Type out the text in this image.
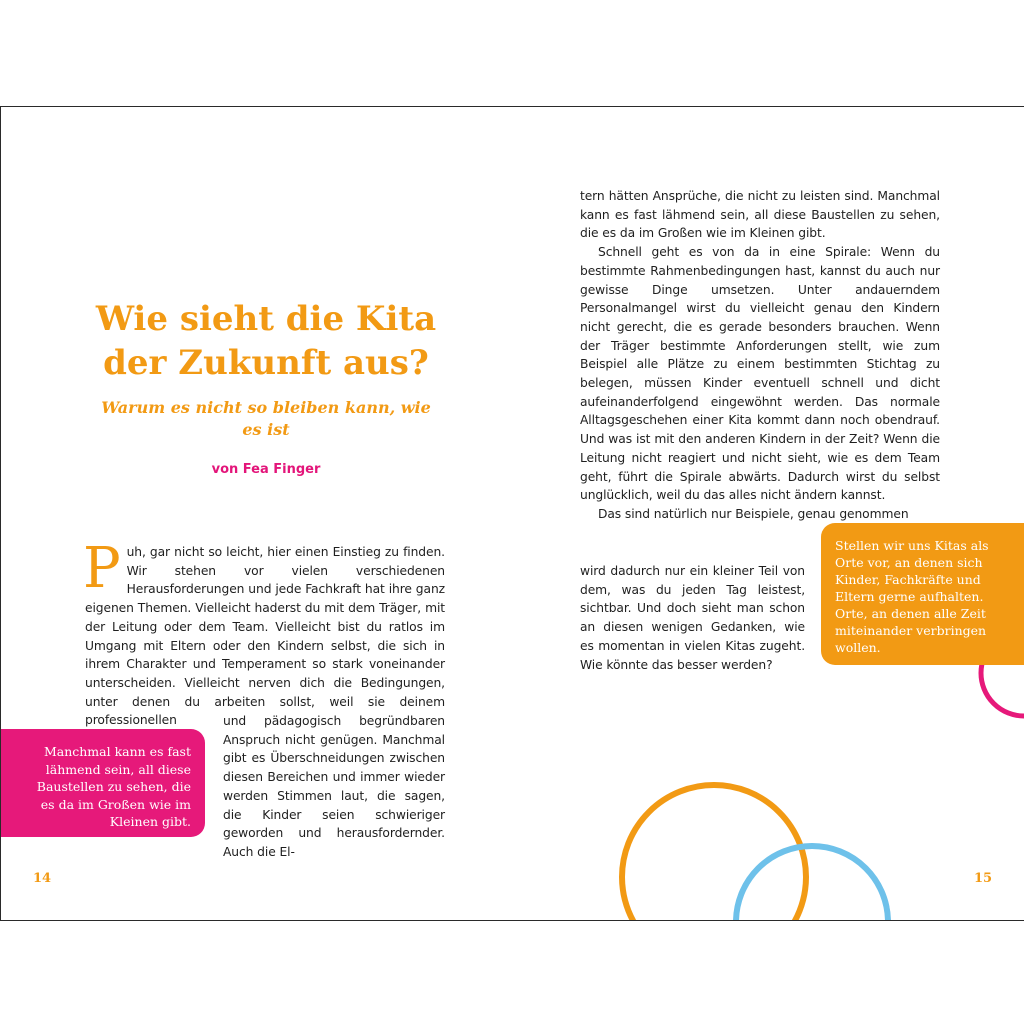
Wie sieht die Kita der Zukunft aus?
Warum es nicht so bleiben kann, wie es ist
von Fea Finger

Puh, gar nicht so leicht, hier einen Einstieg zu finden. Wir stehen vor vielen verschiedenen Herausforderungen und jede Fachkraft hat ihre ganz eigenen Themen. Vielleicht haderst du mit dem Träger, mit der Leitung oder dem Team. Vielleicht bist du ratlos im Umgang mit Eltern oder den Kindern selbst, die sich in ihrem Charakter und Temperament so stark voneinander unterscheiden. Vielleicht nerven dich die Bedingungen, unter denen du arbeiten sollst, weil sie deinem professionellen	und pädagogisch begründbaren Anspruch nicht genügen. Manchmal gibt es Überschneidungen zwischen diesen Bereichen und immer wieder werden Stimmen laut, die sagen, die Kinder seien schwieriger geworden und herausfordernder. Auch die El-

Manchmal kann es fast lähmend sein, all diese Baustellen zu sehen, die es da im Großen wie im Kleinen gibt.
14

tern hätten Ansprüche, die nicht zu leisten sind. Manchmal kann es fast lähmend sein, all diese Baustellen zu sehen, die es da im Großen wie im Kleinen gibt.

Schnell geht es von da in eine Spirale: Wenn du bestimmte Rahmenbedingungen hast, kannst du auch nur gewisse Dinge umsetzen. Unter andauerndem Personalmangel wirst du vielleicht genau den Kindern nicht gerecht, die es gerade besonders brauchen. Wenn der Träger bestimmte Anforderungen stellt, wie zum Beispiel alle Plätze zu einem bestimmten Stichtag zu belegen, müssen Kinder eventuell schnell und dicht aufeinanderfolgend eingewöhnt werden. Das normale Alltagsgeschehen einer Kita kommt dann noch obendrauf. Und was ist mit den anderen Kindern in der Zeit? Wenn die Leitung nicht reagiert und nicht sieht, wie es dem Team geht, führt die Spirale abwärts. Dadurch wirst du selbst unglücklich, weil du das alles nicht ändern kannst.

Das sind natürlich nur Beispiele, genau genommen

wird dadurch nur ein kleiner Teil von dem, was du jeden Tag leistest, sichtbar. Und doch sieht man schon an diesen wenigen Gedanken, wie es momentan in vielen Kitas zugeht. Wie könnte das besser werden?

Stellen wir uns Kitas als Orte vor, an denen sich Kinder, Fachkräfte und Eltern gerne aufhalten. Orte, an denen alle Zeit miteinander verbringen wollen.
15
